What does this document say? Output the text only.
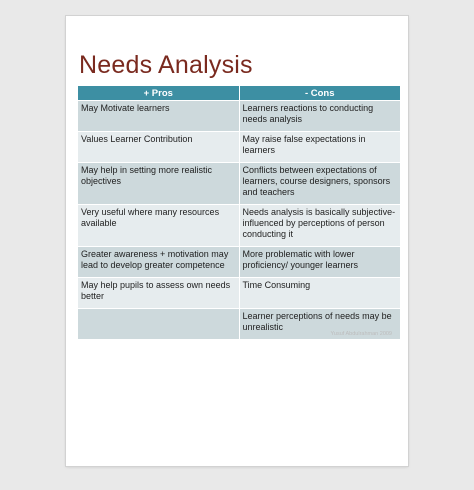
Needs Analysis
+ Pros	- Cons
May Motivate learners	Learners reactions to conducting needs analysis
Values Learner Contribution	May raise false expectations in learners
May help in setting more realistic objectives	Conflicts between expectations of learners, course designers, sponsors and teachers
Very useful where many resources available	Needs analysis is basically subjective-influenced by perceptions of person conducting it
Greater awareness + motivation may lead to develop greater competence	More problematic with lower proficiency/ younger learners
May help pupils to assess own needs better	Time Consuming
	Learner perceptions of needs may be unrealistic
Yusuf Abdulrahman 2009
